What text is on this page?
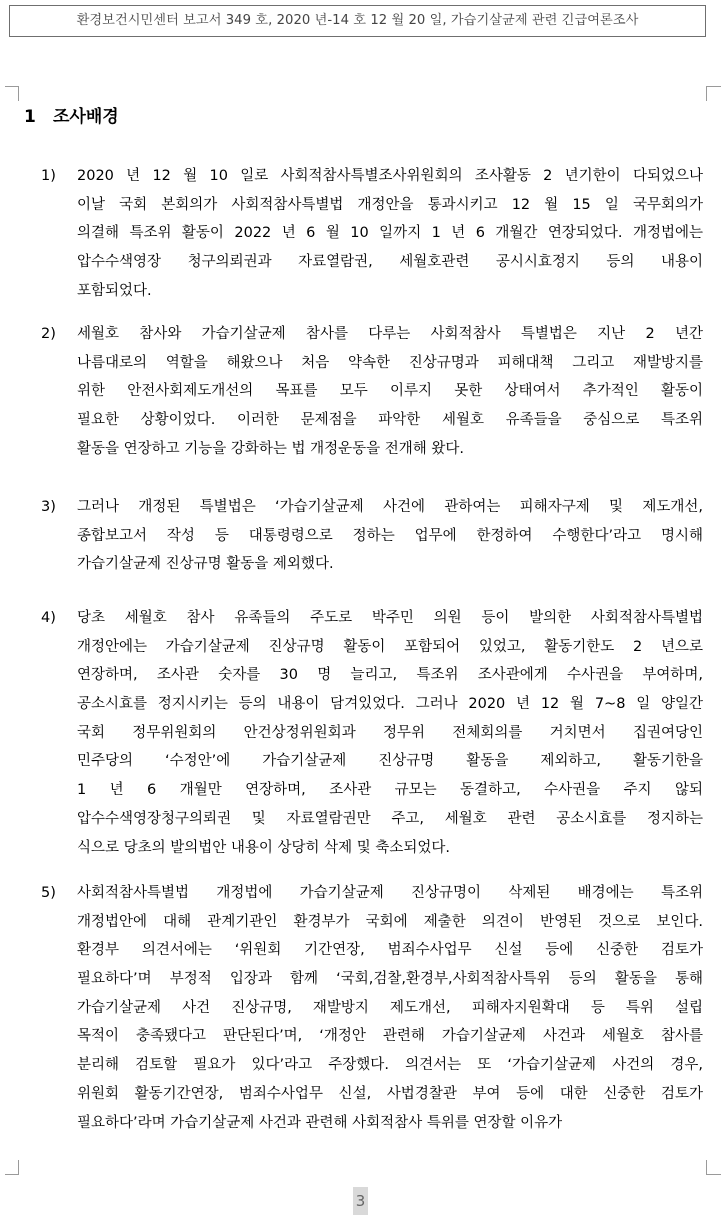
환경보건시민센터 보고서 349 호, 2020 년-14 호 12 월 20 일, 가습기살균제 관련 긴급여론조사
1 조사배경
1) 2020 년 12 월 10 일로 사회적참사특별조사위원회의 조사활동 2 년기한이 다되었으나
이날 국회 본회의가 사회적참사특별법 개정안을 통과시키고 12 월 15 일 국무회의가
의결해 특조위 활동이 2022 년 6 월 10 일까지 1 년 6 개월간 연장되었다. 개정법에는
압수수색영장 청구의뢰권과 자료열람권, 세월호관련 공시시효정지 등의 내용이
포함되었다.
2) 세월호 참사와 가습기살균제 참사를 다루는 사회적참사 특별법은 지난 2 년간
나름대로의 역할을 해왔으나 처음 약속한 진상규명과 피해대책 그리고 재발방지를
위한 안전사회제도개선의 목표를 모두 이루지 못한 상태여서 추가적인 활동이
필요한 상황이었다. 이러한 문제점을 파악한 세월호 유족들을 중심으로 특조위
활동을 연장하고 기능을 강화하는 법 개정운동을 전개해 왔다.
3) 그러나 개정된 특별법은 ‘가습기살균제 사건에 관하여는 피해자구제 및 제도개선,
종합보고서 작성 등 대통령령으로 정하는 업무에 한정하여 수행한다’라고 명시해
가습기살균제 진상규명 활동을 제외했다.
4) 당초 세월호 참사 유족들의 주도로 박주민 의원 등이 발의한 사회적참사특별법
개정안에는 가습기살균제 진상규명 활동이 포함되어 있었고, 활동기한도 2 년으로
연장하며, 조사관 숫자를 30 명 늘리고, 특조위 조사관에게 수사권을 부여하며,
공소시효를 정지시키는 등의 내용이 담겨있었다. 그러나 2020 년 12 월 7~8 일 양일간
국회 정무위원회의 안건상정위원회과 정무위 전체회의를 거치면서 집권여당인
민주당의 ‘수정안’에 가습기살균제 진상규명 활동을 제외하고, 활동기한을
1 년 6 개월만 연장하며, 조사관 규모는 동결하고, 수사권을 주지 않되
압수수색영장청구의뢰권 및 자료열람권만 주고, 세월호 관련 공소시효를 정지하는
식으로 당초의 발의법안 내용이 상당히 삭제 및 축소되었다.
5) 사회적참사특별법 개정법에 가습기살균제 진상규명이 삭제된 배경에는 특조위
개정법안에 대해 관계기관인 환경부가 국회에 제출한 의견이 반영된 것으로 보인다.
환경부 의견서에는 ‘위원회 기간연장, 범죄수사업무 신설 등에 신중한 검토가
필요하다’며 부정적 입장과 함께 ‘국회,검찰,환경부,사회적참사특위 등의 활동을 통해
가습기살균제 사건 진상규명, 재발방지 제도개선, 피해자지원확대 등 특위 설립
목적이 충족됐다고 판단된다’며, ‘개정안 관련해 가습기살균제 사건과 세월호 참사를
분리해 검토할 필요가 있다’라고 주장했다. 의견서는 또 ‘가습기살균제 사건의 경우,
위원회 활동기간연장, 범죄수사업무 신설, 사법경찰관 부여 등에 대한 신중한 검토가
필요하다’라며 가습기살균제 사건과 관련해 사회적참사 특위를 연장할 이유가
3
